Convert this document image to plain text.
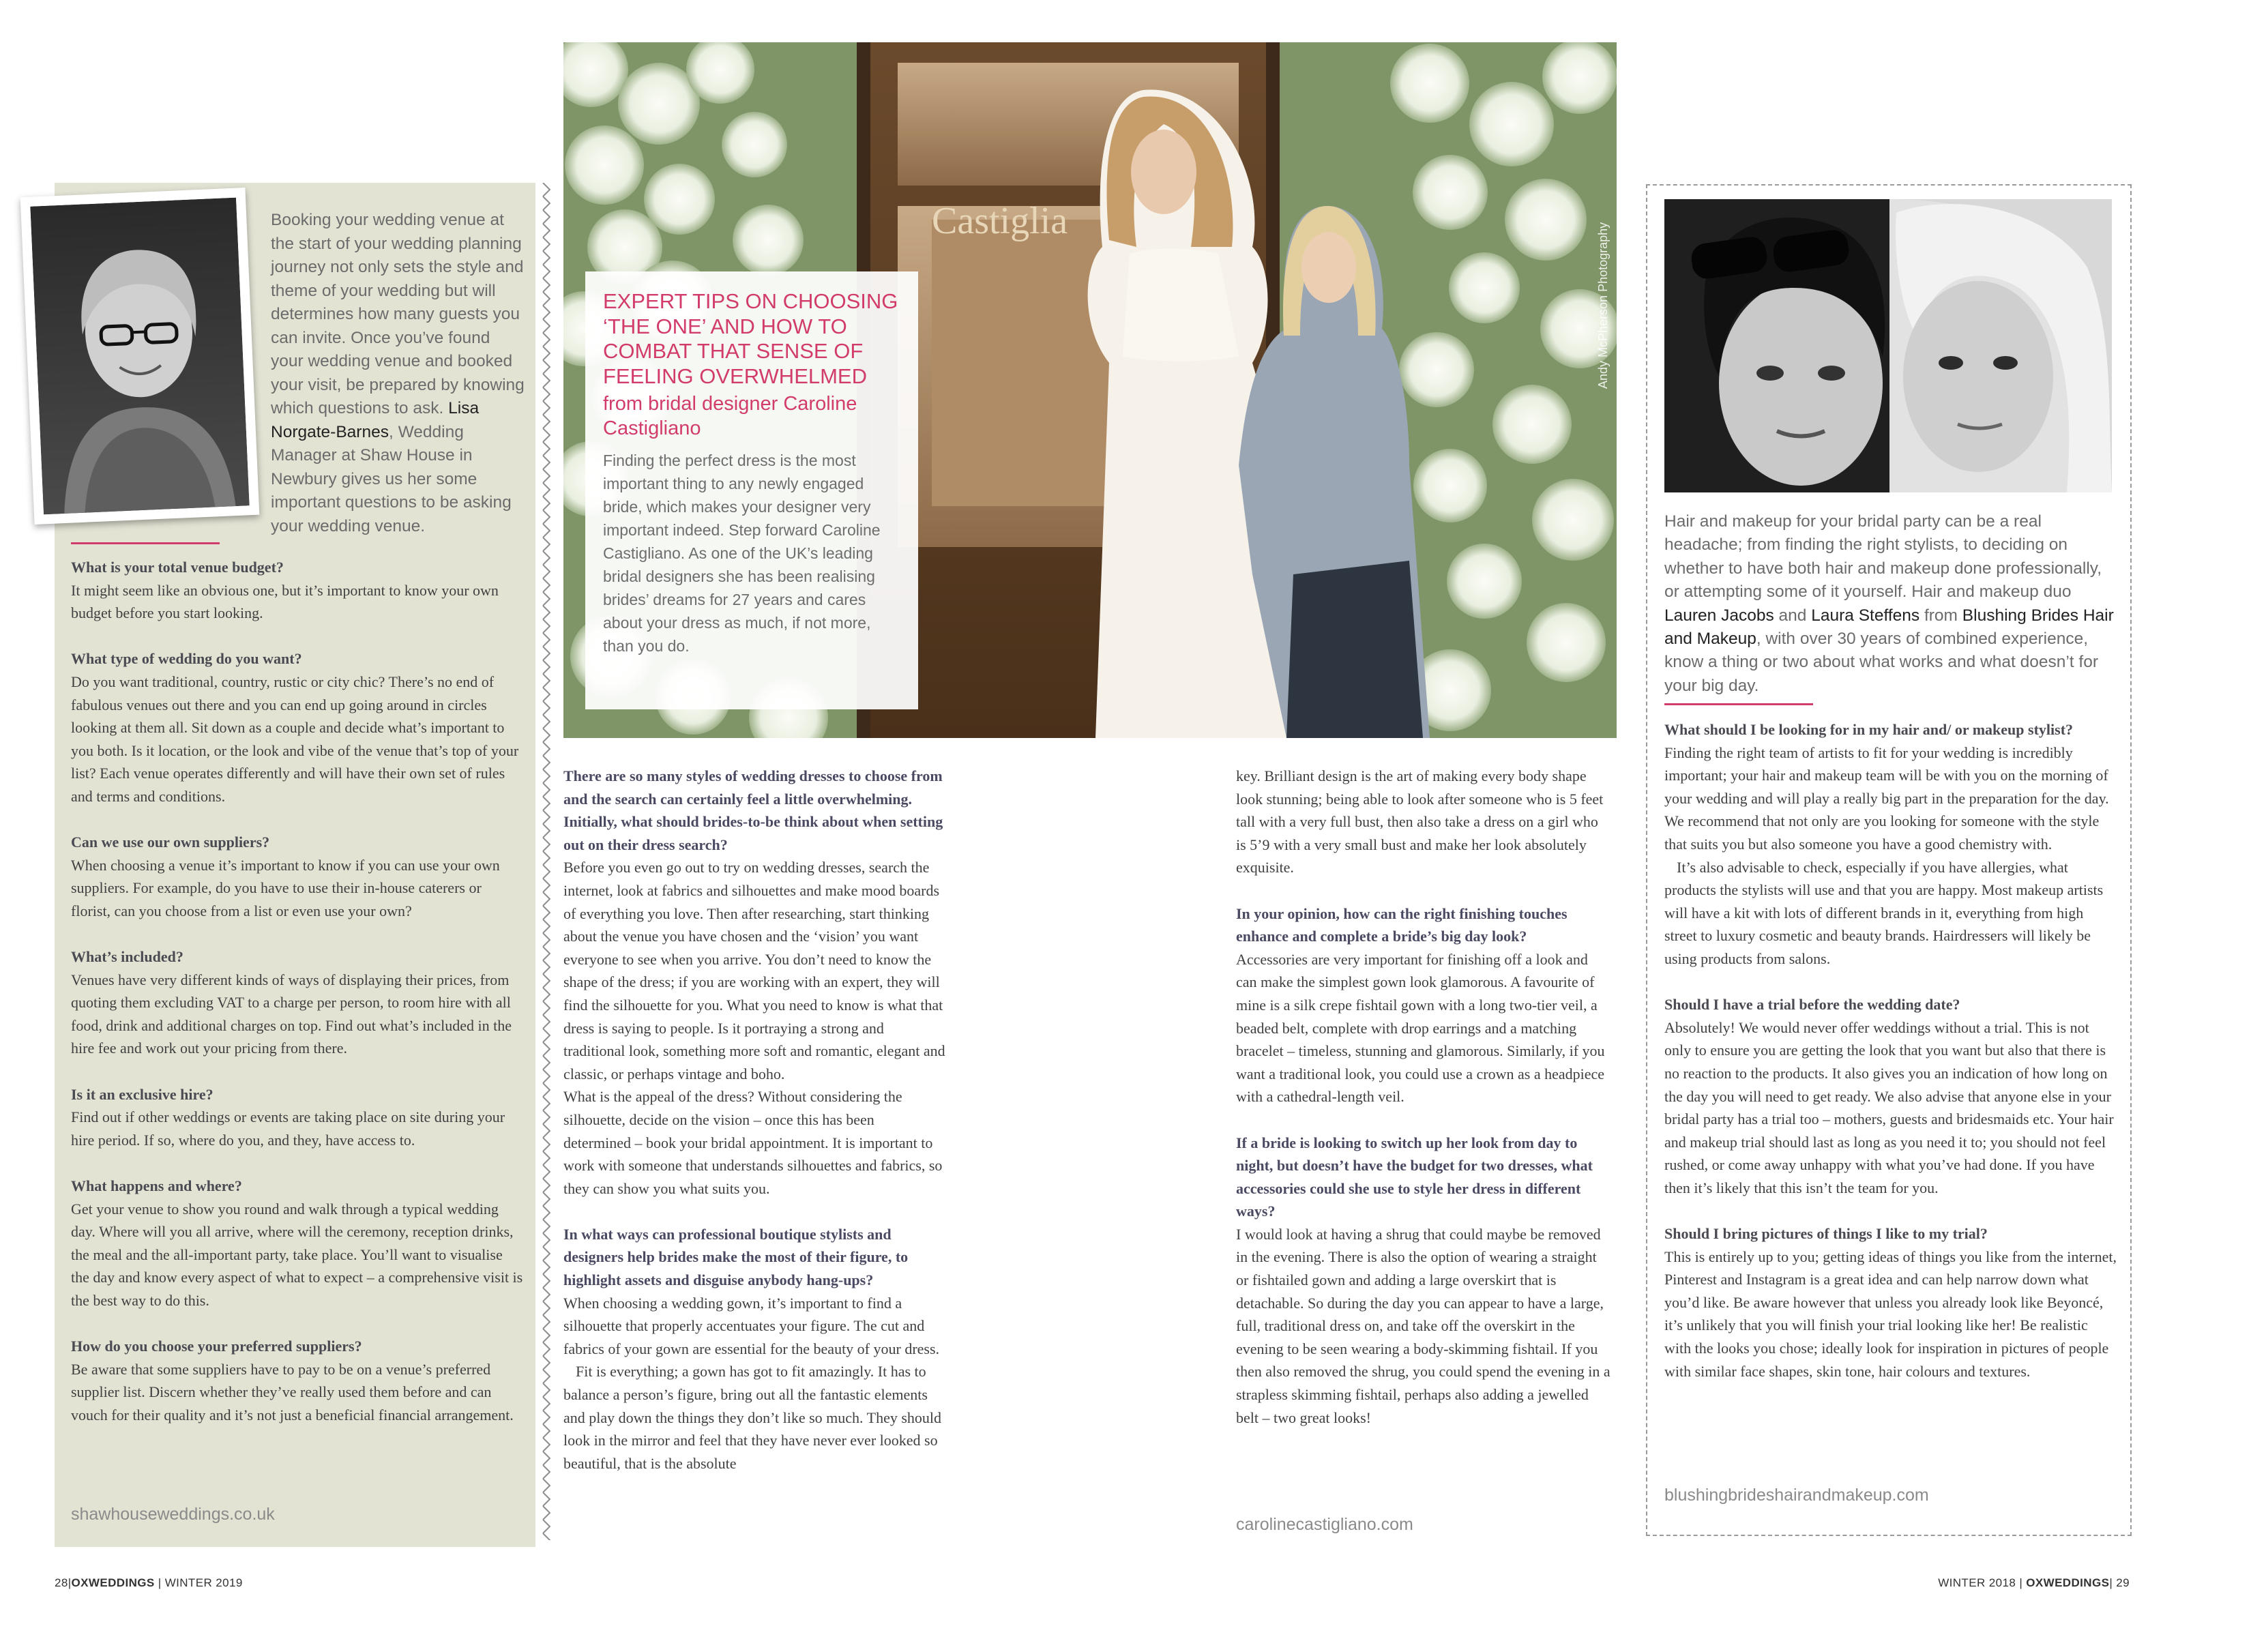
Booking your wedding venue at the start of your wedding planning journey not only sets the style and theme of your wedding but will determines how many guests you can invite. Once you’ve found your wedding venue and booked your visit, be prepared by knowing which questions to ask. Lisa Norgate-Barnes, Wedding Manager at Shaw House in Newbury gives us her some important questions to be asking your wedding venue.

What is your total venue budget?

It might seem like an obvious one, but it’s important to know your own budget before you start looking.

What type of wedding do you want?

Do you want traditional, country, rustic or city chic? There’s no end of fabulous venues out there and you can end up going around in circles looking at them all. Sit down as a couple and decide what’s important to you both. Is it location, or the look and vibe of the venue that’s top of your list? Each venue operates differently and will have their own set of rules and terms and conditions.

Can we use our own suppliers?

When choosing a venue it’s important to know if you can use your own suppliers. For example, do you have to use their in-house caterers or florist, can you choose from a list or even use your own?

What’s included?

Venues have very different kinds of ways of displaying their prices, from quoting them excluding VAT to a charge per person, to room hire with all food, drink and additional charges on top. Find out what’s included in the hire fee and work out your pricing from there.

Is it an exclusive hire?

Find out if other weddings or events are taking place on site during your hire period. If so, where do you, and they, have access to.

What happens and where?

Get your venue to show you round and walk through a typical wedding day. Where will you all arrive, where will the ceremony, reception drinks, the meal and the all-important party, take place. You’ll want to visualise the day and know every aspect of what to expect – a comprehensive visit is the best way to do this.

How do you choose your preferred suppliers?

Be aware that some suppliers have to pay to be on a venue’s preferred supplier list. Discern whether they’ve really used them before and can vouch for their quality and it’s not just a beneficial financial arrangement.

shawhouseweddings.co.uk
Castiglia
Andy McPherson Photography
EXPERT TIPS ON CHOOSING ‘THE ONE’ AND HOW TO COMBAT THAT SENSE OF FEELING OVERWHELMED
from bridal designer Caroline Castigliano
Finding the perfect dress is the most important thing to any newly engaged bride, which makes your designer very important indeed. Step forward Caroline Castigliano. As one of the UK’s leading bridal designers she has been realising brides’ dreams for 27 years and cares about your dress as much, if not more, than you do.

There are so many styles of wedding dresses to choose from and the search can certainly feel a little overwhelming. Initially, what should brides-to-be think about when setting out on their dress search?

Before you even go out to try on wedding dresses, search the internet, look at fabrics and silhouettes and make mood boards of everything you love. Then after researching, start thinking about the venue you have chosen and the ‘vision’ you want everyone to see when you arrive. You don’t need to know the shape of the dress; if you are working with an expert, they will find the silhouette for you. What you need to know is what that dress is saying to people. Is it portraying a strong and traditional look, something more soft and romantic, elegant and classic, or perhaps vintage and boho.

What is the appeal of the dress? Without considering the silhouette, decide on the vision – once this has been determined – book your bridal appointment. It is important to work with someone that understands silhouettes and fabrics, so they can show you what suits you.

In what ways can professional boutique stylists and designers help brides make the most of their figure, to highlight assets and disguise anybody hang-ups?

When choosing a wedding gown, it’s important to find a silhouette that properly accentuates your figure. The cut and fabrics of your gown are essential for the beauty of your dress.

Fit is everything; a gown has got to fit amazingly. It has to balance a person’s figure, bring out all the fantastic elements and play down the things they don’t like so much. They should look in the mirror and feel that they have never ever looked so beautiful, that is the absolute

key. Brilliant design is the art of making every body shape look stunning; being able to look after someone who is 5 feet tall with a very full bust, then also take a dress on a girl who is 5’9 with a very small bust and make her look absolutely exquisite.

In your opinion, how can the right finishing touches enhance and complete a bride’s big day look?

Accessories are very important for finishing off a look and can make the simplest gown look glamorous. A favourite of mine is a silk crepe fishtail gown with a long two-tier veil, a beaded belt, complete with drop earrings and a matching bracelet – timeless, stunning and glamorous. Similarly, if you want a traditional look, you could use a crown as a headpiece with a cathedral-length veil.

If a bride is looking to switch up her look from day to night, but doesn’t have the budget for two dresses, what accessories could she use to style her dress in different ways?

I would look at having a shrug that could maybe be removed in the evening. There is also the option of wearing a straight or fishtailed gown and adding a large overskirt that is detachable. So during the day you can appear to have a large, full, traditional dress on, and take off the overskirt in the evening to be seen wearing a body-skimming fishtail. If you then also removed the shrug, you could spend the evening in a strapless skimming fishtail, perhaps also adding a jewelled belt – two great looks!

carolinecastigliano.com
Hair and makeup for your bridal party can be a real headache; from finding the right stylists, to deciding on whether to have both hair and makeup done professionally, or attempting some of it yourself. Hair and makeup duo Lauren Jacobs and Laura Steffens from Blushing Brides Hair and Makeup, with over 30 years of combined experience, know a thing or two about what works and what doesn’t for your big day.

What should I be looking for in my hair and/ or makeup stylist?

Finding the right team of artists to fit for your wedding is incredibly important; your hair and makeup team will be with you on the morning of your wedding and will play a really big part in the preparation for the day. We recommend that not only are you looking for someone with the style that suits you but also someone you have a good chemistry with.

It’s also advisable to check, especially if you have allergies, what products the stylists will use and that you are happy. Most makeup artists will have a kit with lots of different brands in it, everything from high street to luxury cosmetic and beauty brands. Hairdressers will likely be using products from salons.

Should I have a trial before the wedding date?

Absolutely! We would never offer weddings without a trial. This is not only to ensure you are getting the look that you want but also that there is no reaction to the products. It also gives you an indication of how long on the day you will need to get ready. We also advise that anyone else in your bridal party has a trial too – mothers, guests and bridesmaids etc. Your hair and makeup trial should last as long as you need it to; you should not feel rushed, or come away unhappy with what you’ve had done. If you have then it’s likely that this isn’t the team for you.

Should I bring pictures of things I like to my trial?

This is entirely up to you; getting ideas of things you like from the internet, Pinterest and Instagram is a great idea and can help narrow down what you’d like. Be aware however that unless you already look like Beyoncé, it’s unlikely that you will finish your trial looking like her! Be realistic with the looks you chose; ideally look for inspiration in pictures of people with similar face shapes, skin tone, hair colours and textures.

blushingbrideshairandmakeup.com
28|OXWEDDINGS | WINTER 2019	WINTER 2018 | OXWEDDINGS| 29
